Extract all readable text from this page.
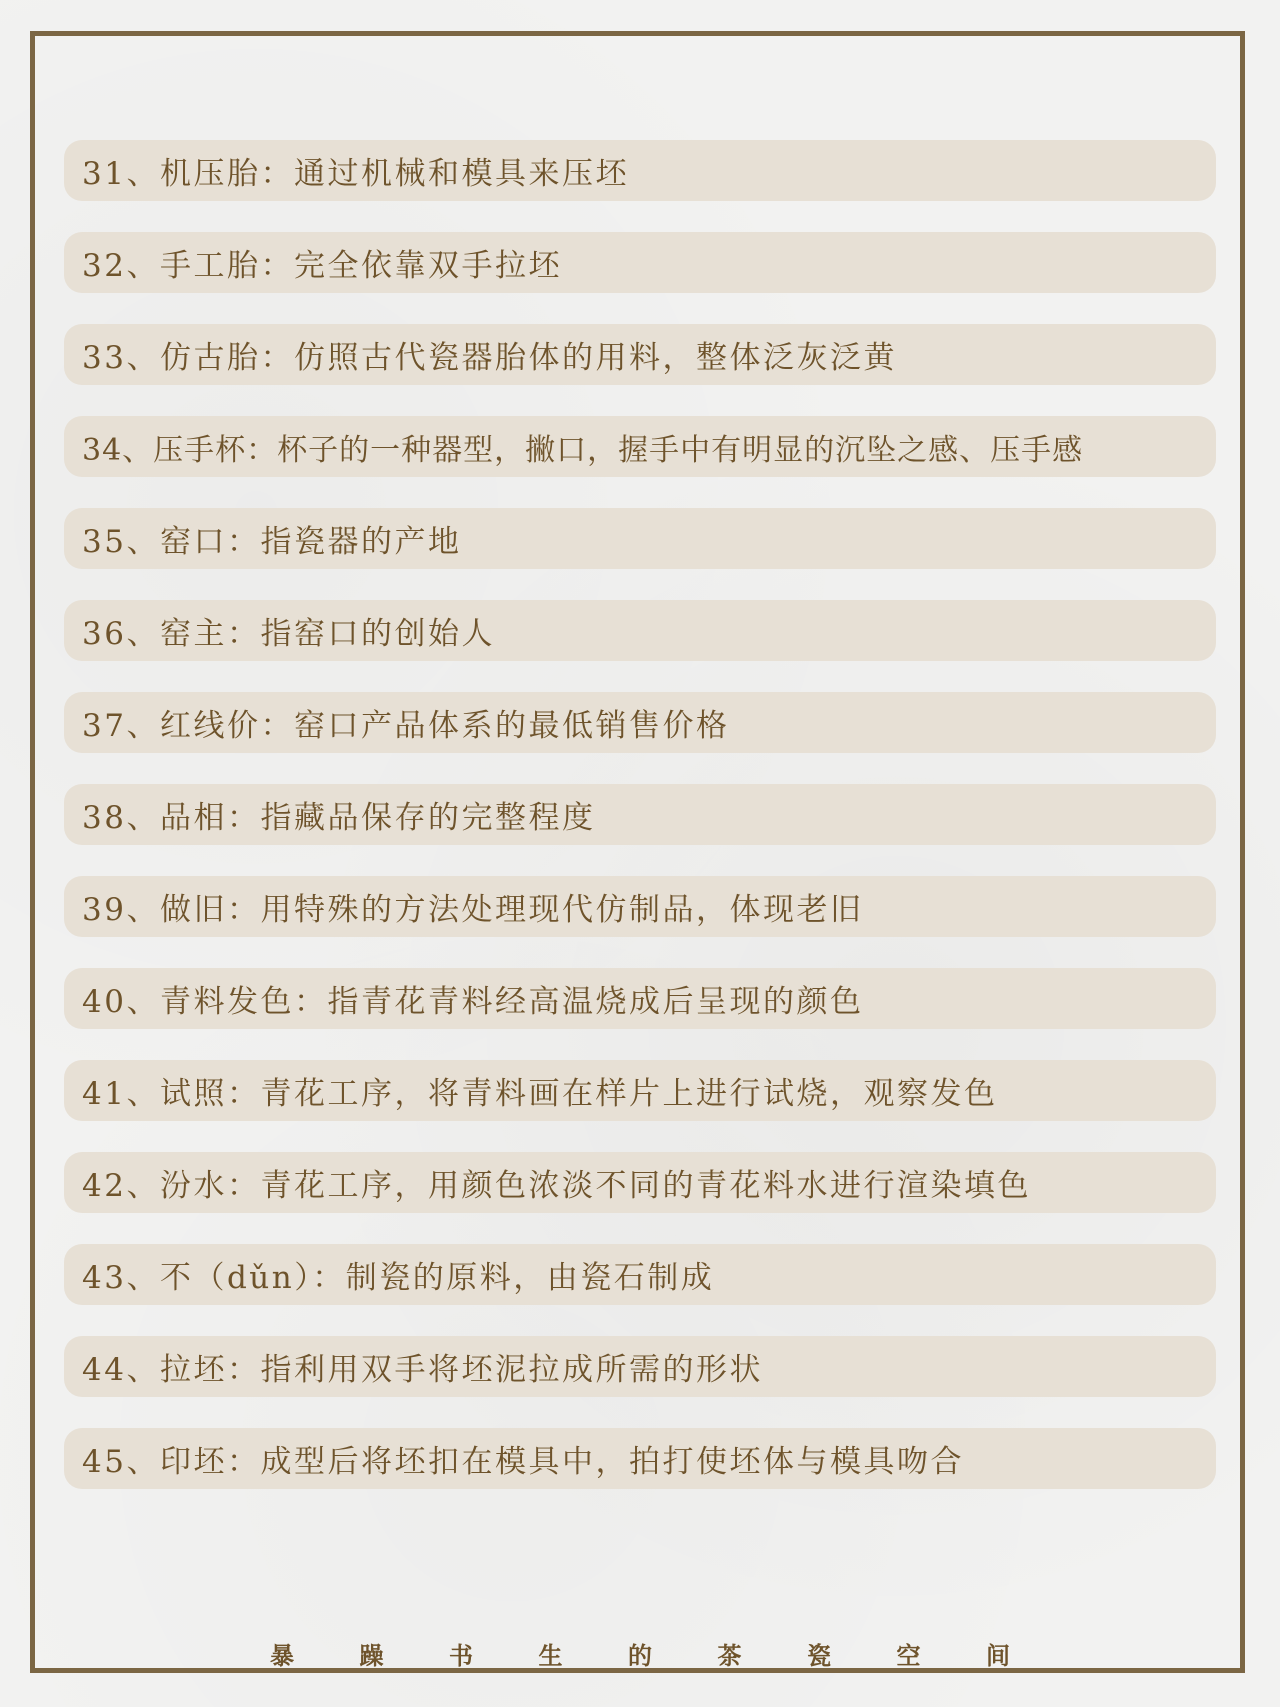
31、机压胎：通过机械和模具来压坯
32、手工胎：完全依靠双手拉坯
33、仿古胎：仿照古代瓷器胎体的用料，整体泛灰泛黄
34、压手杯：杯子的一种器型，撇口，握手中有明显的沉坠之感、压手感
35、窑口：指瓷器的产地
36、窑主：指窑口的创始人
37、红线价：窑口产品体系的最低销售价格
38、品相：指藏品保存的完整程度
39、做旧：用特殊的方法处理现代仿制品，体现老旧
40、青料发色：指青花青料经高温烧成后呈现的颜色
41、试照：青花工序，将青料画在样片上进行试烧，观察发色
42、汾水：青花工序，用颜色浓淡不同的青花料水进行渲染填色
43、不（dǔn）：制瓷的原料，由瓷石制成
44、拉坯：指利用双手将坯泥拉成所需的形状
45、印坯：成型后将坯扣在模具中，拍打使坯体与模具吻合
暴	躁	书	生	的	茶	瓷	空	间
